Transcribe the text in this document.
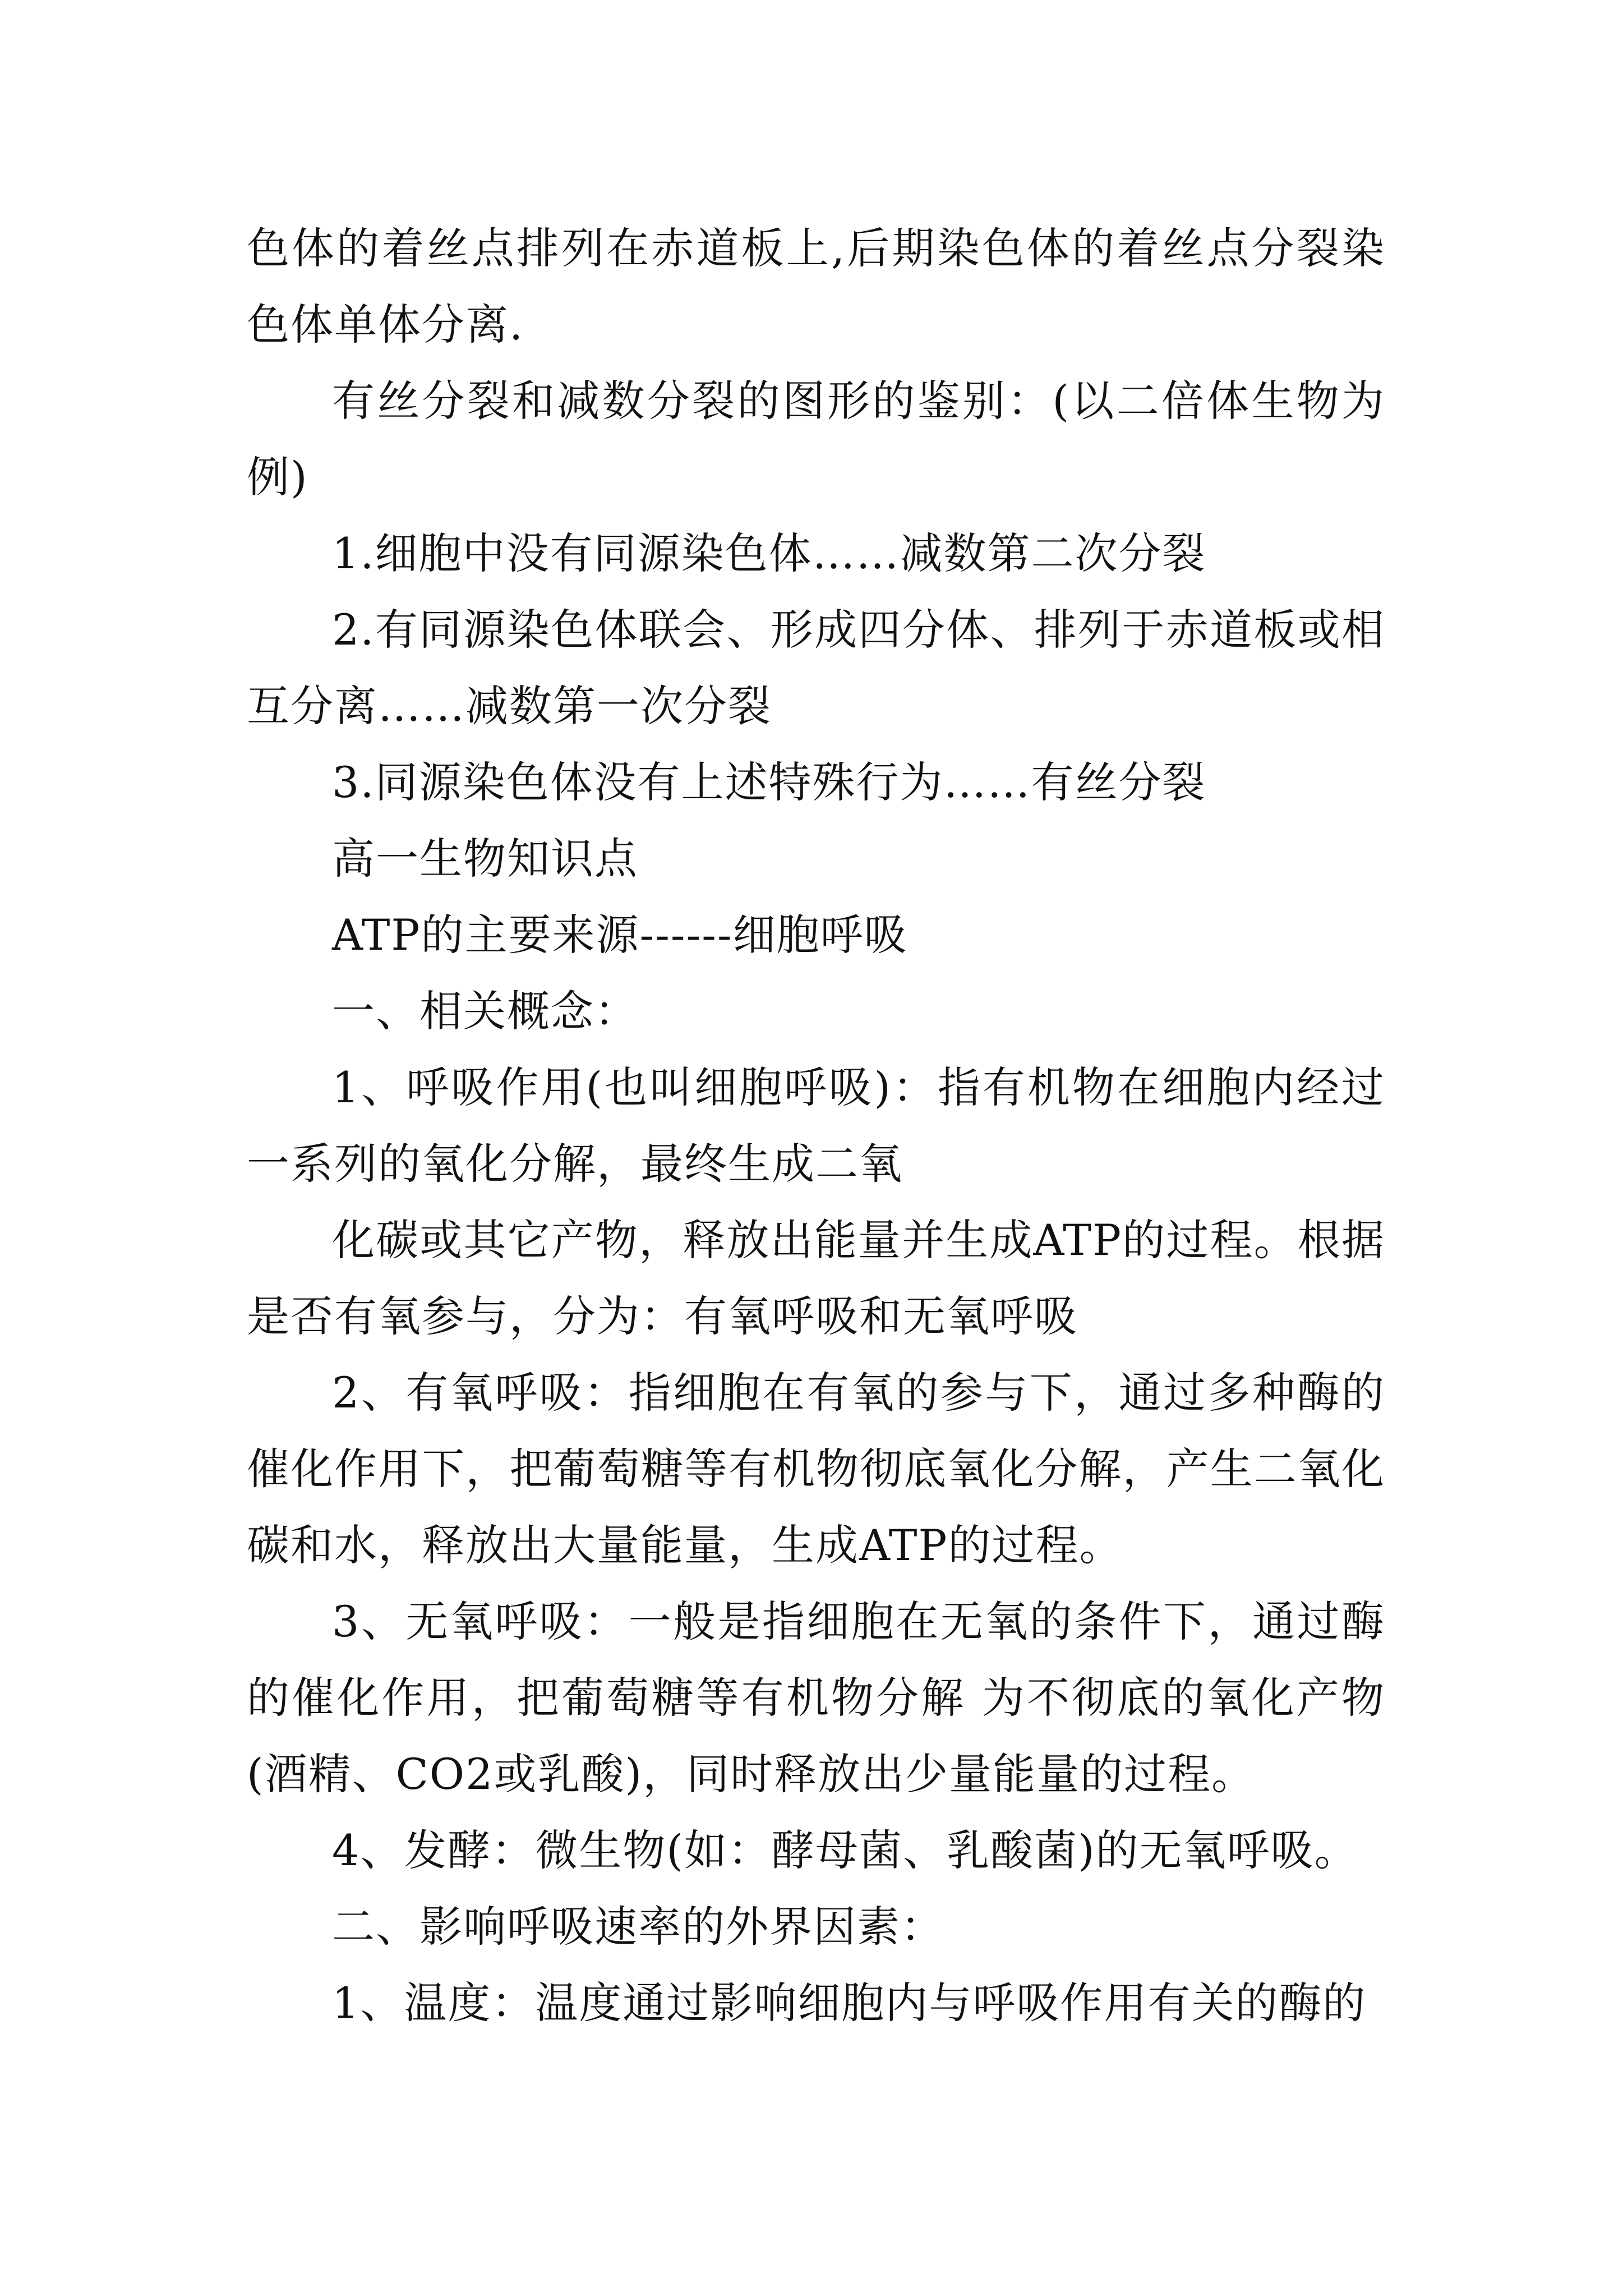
色体的着丝点排列在赤道板上,后期染色体的着丝点分裂染色体单体分离.

有丝分裂和减数分裂的图形的鉴别：(以二倍体生物为例)

1.细胞中没有同源染色体……减数第二次分裂

2.有同源染色体联会、形成四分体、排列于赤道板或相互分离……减数第一次分裂

3.同源染色体没有上述特殊行为……有丝分裂

高一生物知识点

ATP的主要来源------细胞呼吸

一、相关概念：

1、呼吸作用(也叫细胞呼吸)：指有机物在细胞内经过一系列的氧化分解，最终生成二氧

化碳或其它产物，释放出能量并生成ATP的过程。根据是否有氧参与，分为：有氧呼吸和无氧呼吸

2、有氧呼吸：指细胞在有氧的参与下，通过多种酶的催化作用下，把葡萄糖等有机物彻底氧化分解，产生二氧化碳和水，释放出大量能量，生成ATP的过程。

3、无氧呼吸：一般是指细胞在无氧的条件下，通过酶的催化作用，把葡萄糖等有机物分解 为不彻底的氧化产物(酒精、CO2或乳酸)，同时释放出少量能量的过程。

4、发酵：微生物(如：酵母菌、乳酸菌)的无氧呼吸。

二、影响呼吸速率的外界因素：

1、温度：温度通过影响细胞内与呼吸作用有关的酶的
